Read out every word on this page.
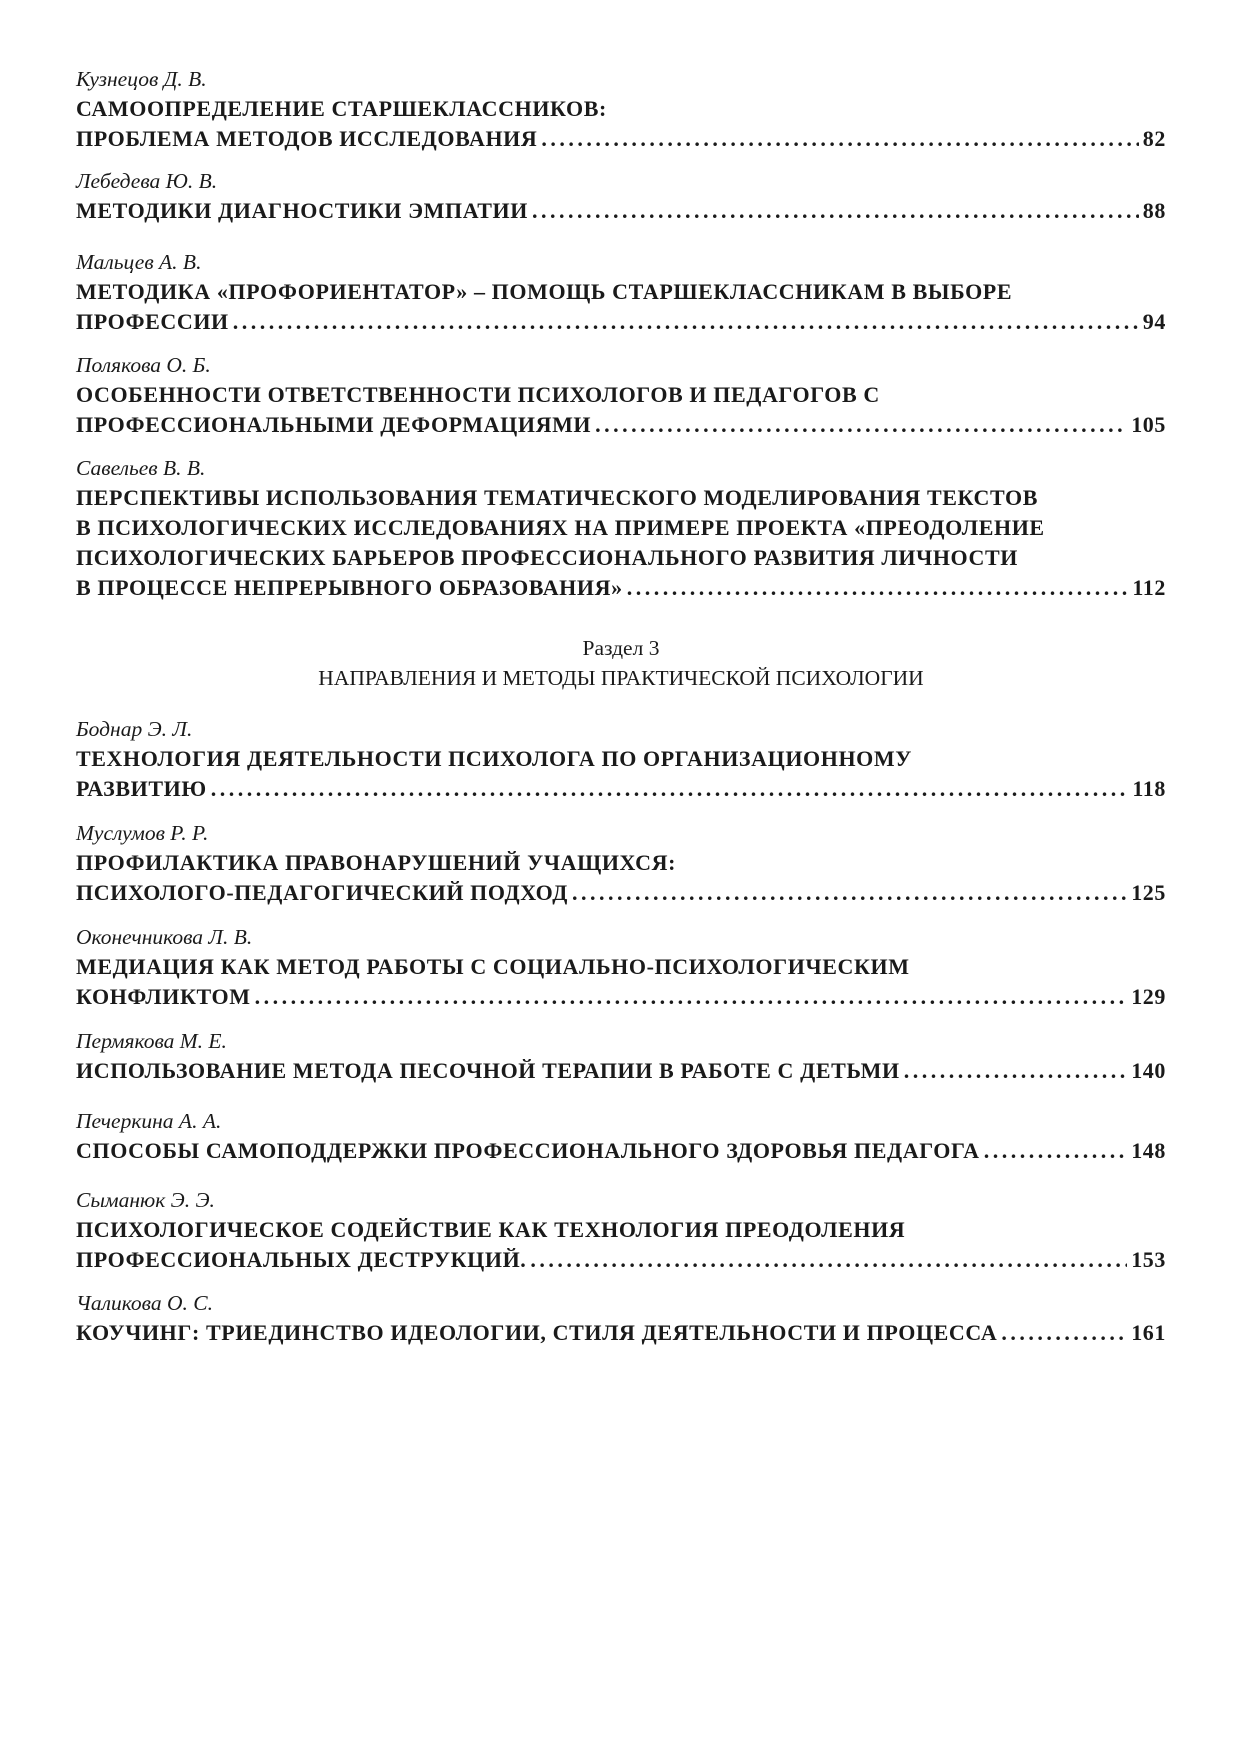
Кузнецов Д. В.
САМООПРЕДЕЛЕНИЕ СТАРШЕКЛАССНИКОВ:
ПРОБЛЕМА МЕТОДОВ ИССЛЕДОВАНИЯ . . .	82
Лебедева Ю. В.
МЕТОДИКИ ДИАГНОСТИКИ ЭМПАТИИ . . .	88
Мальцев А. В.
МЕТОДИКА «ПРОФОРИЕНТАТОР» – ПОМОЩЬ СТАРШЕКЛАССНИКАМ В ВЫБОРЕ
ПРОФЕССИИ . . .	94
Полякова О. Б.
ОСОБЕННОСТИ ОТВЕТСТВЕННОСТИ ПСИХОЛОГОВ И ПЕДАГОГОВ С
ПРОФЕССИОНАЛЬНЫМИ ДЕФОРМАЦИЯМИ . . .	105
Савельев В. В.
ПЕРСПЕКТИВЫ ИСПОЛЬЗОВАНИЯ ТЕМАТИЧЕСКОГО МОДЕЛИРОВАНИЯ ТЕКСТОВ
В ПСИХОЛОГИЧЕСКИХ ИССЛЕДОВАНИЯХ НА ПРИМЕРЕ ПРОЕКТА «ПРЕОДОЛЕНИЕ
ПСИХОЛОГИЧЕСКИХ БАРЬЕРОВ ПРОФЕССИОНАЛЬНОГО РАЗВИТИЯ ЛИЧНОСТИ
В ПРОЦЕССЕ НЕПРЕРЫВНОГО ОБРАЗОВАНИЯ» . . .	112
Раздел 3
НАПРАВЛЕНИЯ И МЕТОДЫ ПРАКТИЧЕСКОЙ ПСИХОЛОГИИ
Боднар Э. Л.
ТЕХНОЛОГИЯ ДЕЯТЕЛЬНОСТИ ПСИХОЛОГА ПО ОРГАНИЗАЦИОННОМУ
РАЗВИТИЮ . . .	118
Муслумов Р. Р.
ПРОФИЛАКТИКА ПРАВОНАРУШЕНИЙ УЧАЩИХСЯ:
ПСИХОЛОГО-ПЕДАГОГИЧЕСКИЙ ПОДХОД . . .	125
Оконечникова Л. В.
МЕДИАЦИЯ КАК МЕТОД РАБОТЫ С СОЦИАЛЬНО-ПСИХОЛОГИЧЕСКИМ
КОНФЛИКТОМ . . .	129
Пермякова М. Е.
ИСПОЛЬЗОВАНИЕ МЕТОДА ПЕСОЧНОЙ ТЕРАПИИ В РАБОТЕ С ДЕТЬМИ . . .	140
Печеркина А. А.
СПОСОБЫ САМОПОДДЕРЖКИ ПРОФЕССИОНАЛЬНОГО ЗДОРОВЬЯ ПЕДАГОГА . . .	148
Сыманюк Э. Э.
ПСИХОЛОГИЧЕСКОЕ СОДЕЙСТВИЕ КАК ТЕХНОЛОГИЯ ПРЕОДОЛЕНИЯ
ПРОФЕССИОНАЛЬНЫХ ДЕСТРУКЦИЙ. . . .	153
Чаликова О. С.
КОУЧИНГ: ТРИЕДИНСТВО ИДЕОЛОГИИ, СТИЛЯ ДЕЯТЕЛЬНОСТИ И ПРОЦЕССА . . .	161
